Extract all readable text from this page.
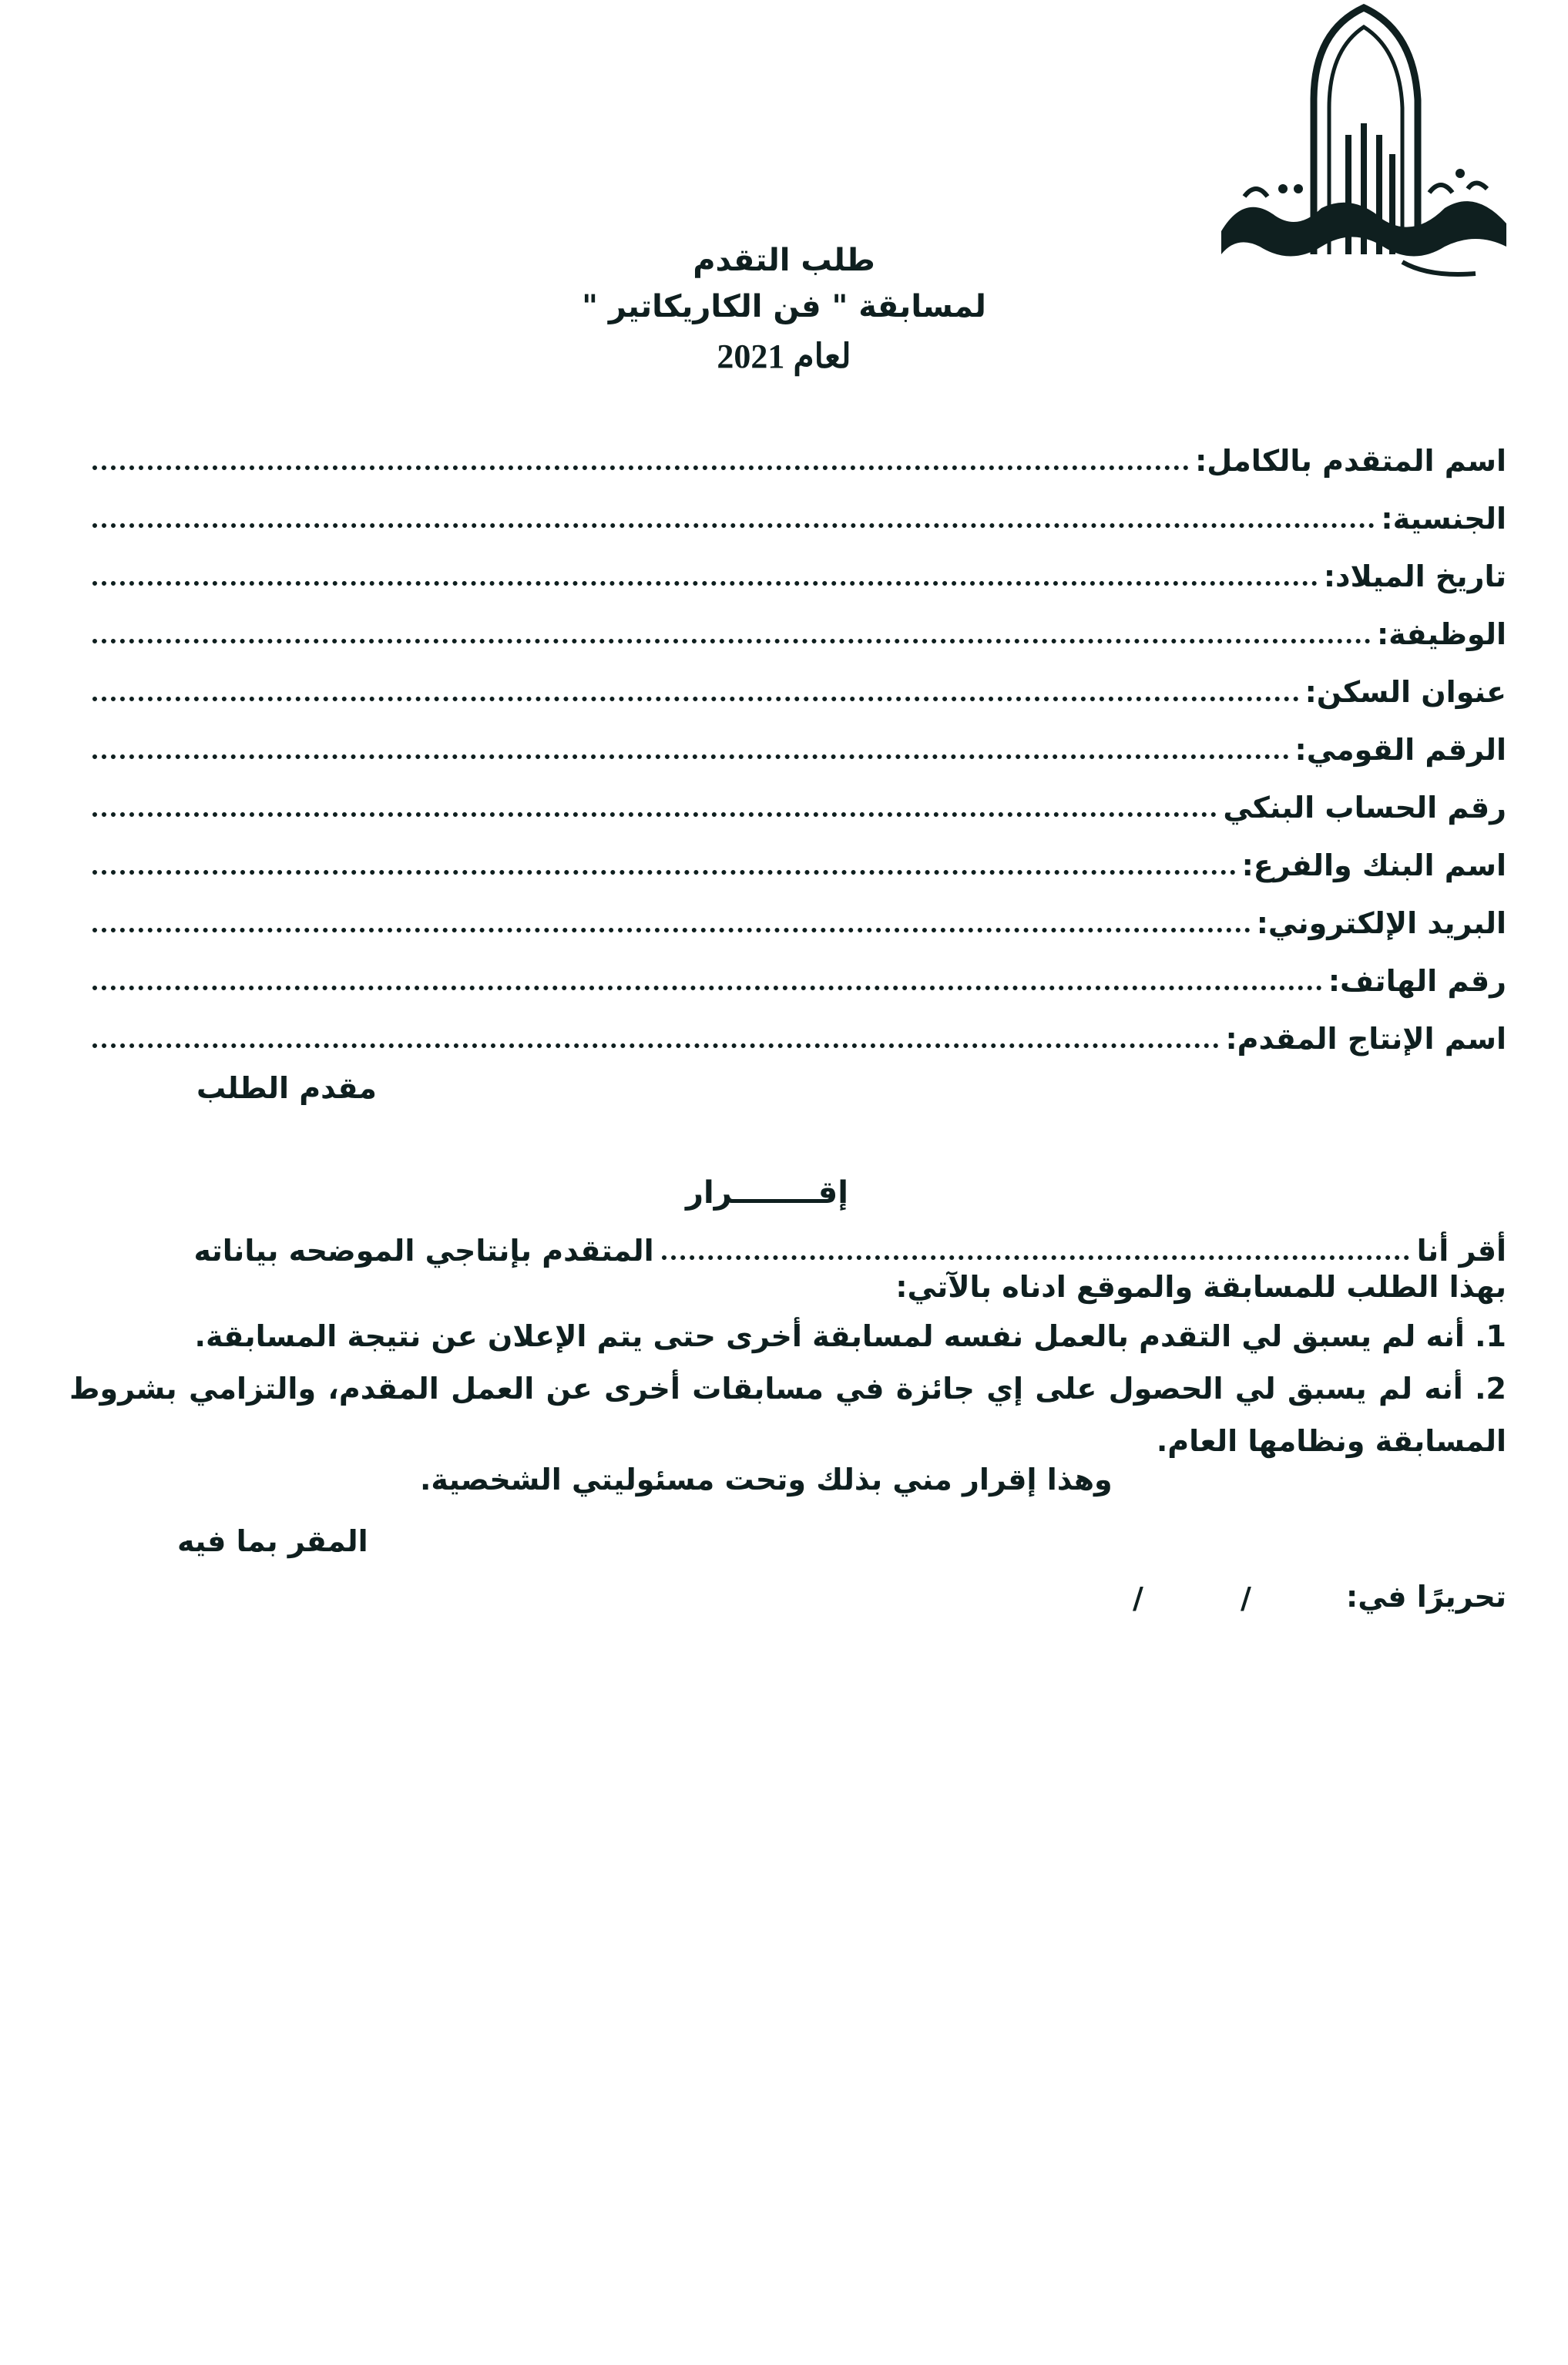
طلب التقدم
لمسابقة " فن الكاريكاتير "
لعام 2021
اسم المتقدم بالكامل:
الجنسية:
تاريخ الميلاد:
الوظيفة:
عنوان السكن:
الرقم القومي:
رقم الحساب البنكي
اسم البنك والفرع:
البريد الإلكتروني:
رقم الهاتف:
اسم الإنتاج المقدم:
مقدم الطلب
إقــــــــرار
أقر أنا
المتقدم بإنتاجي الموضحه بياناته
بهذا الطلب للمسابقة والموقع ادناه بالآتي:
1. أنه لم يسبق لي التقدم بالعمل نفسه لمسابقة أخرى حتى يتم الإعلان عن نتيجة المسابقة.
2. أنه لم يسبق لي الحصول على إي جائزة في مسابقات أخرى عن العمل المقدم، والتزامي بشروط المسابقة ونظامها العام.
وهذا إقرار مني بذلك وتحت مسئوليتي الشخصية.
المقر بما فيه
تحريرًا في:
/
/
